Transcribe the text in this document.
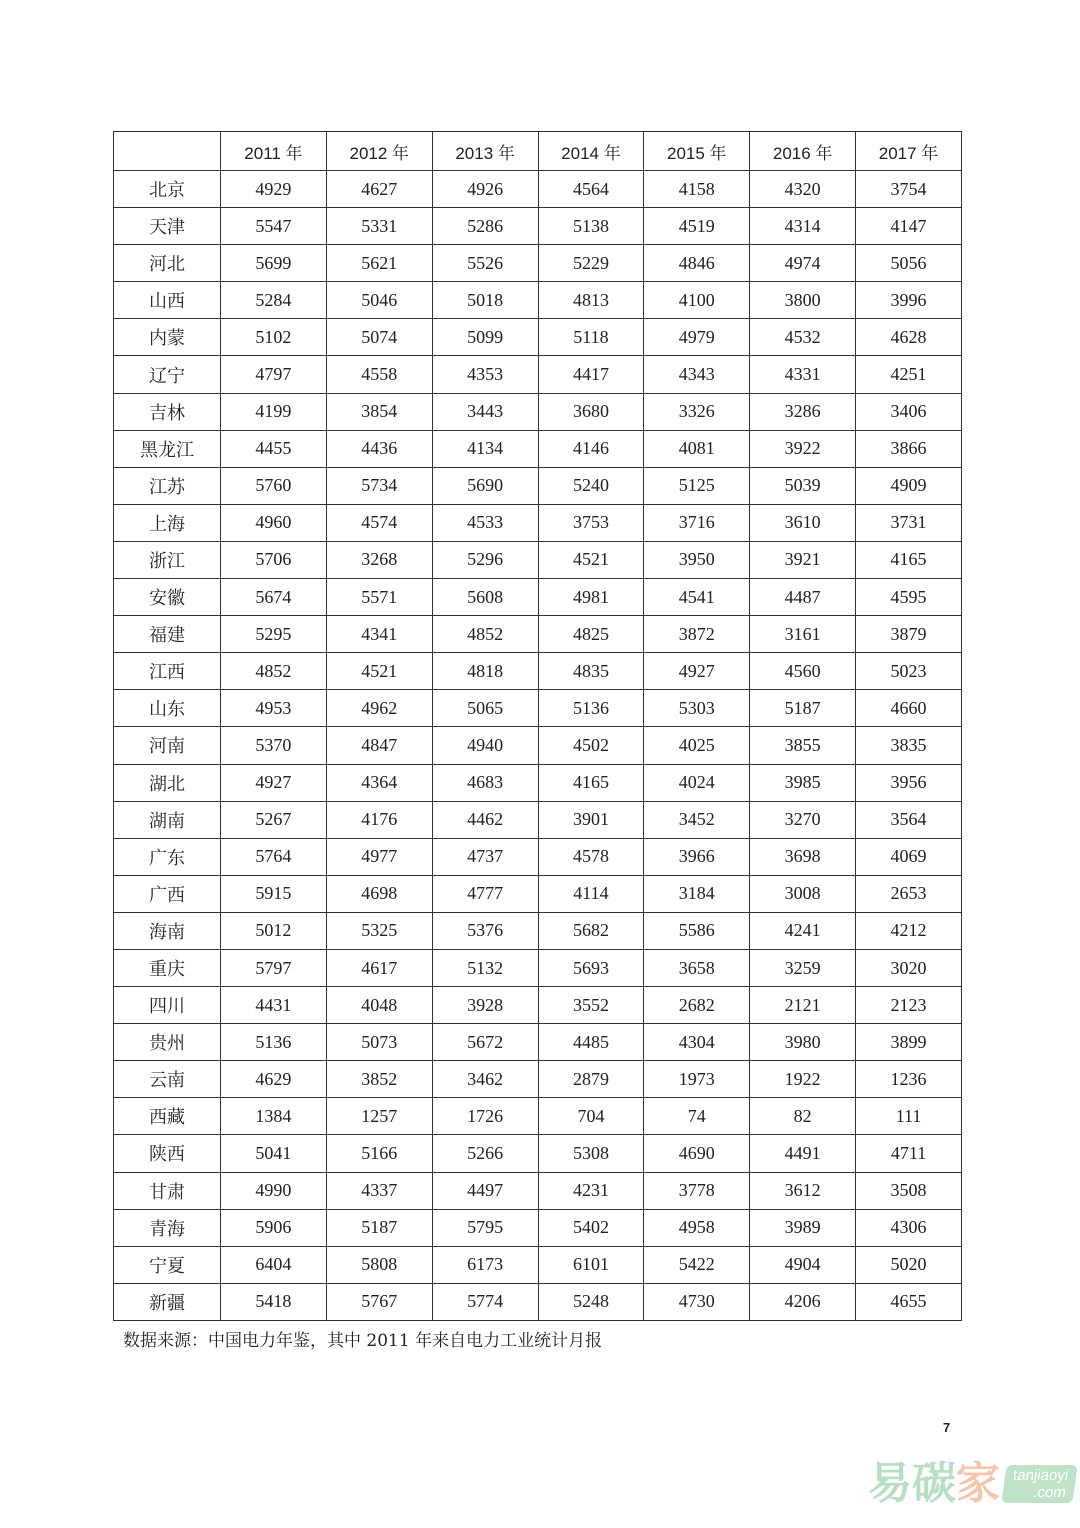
	2011 年	2012 年	2013 年	2014 年	2015 年	2016 年	2017 年
北京	4929	4627	4926	4564	4158	4320	3754
天津	5547	5331	5286	5138	4519	4314	4147
河北	5699	5621	5526	5229	4846	4974	5056
山西	5284	5046	5018	4813	4100	3800	3996
内蒙	5102	5074	5099	5118	4979	4532	4628
辽宁	4797	4558	4353	4417	4343	4331	4251
吉林	4199	3854	3443	3680	3326	3286	3406
黑龙江	4455	4436	4134	4146	4081	3922	3866
江苏	5760	5734	5690	5240	5125	5039	4909
上海	4960	4574	4533	3753	3716	3610	3731
浙江	5706	3268	5296	4521	3950	3921	4165
安徽	5674	5571	5608	4981	4541	4487	4595
福建	5295	4341	4852	4825	3872	3161	3879
江西	4852	4521	4818	4835	4927	4560	5023
山东	4953	4962	5065	5136	5303	5187	4660
河南	5370	4847	4940	4502	4025	3855	3835
湖北	4927	4364	4683	4165	4024	3985	3956
湖南	5267	4176	4462	3901	3452	3270	3564
广东	5764	4977	4737	4578	3966	3698	4069
广西	5915	4698	4777	4114	3184	3008	2653
海南	5012	5325	5376	5682	5586	4241	4212
重庆	5797	4617	5132	5693	3658	3259	3020
四川	4431	4048	3928	3552	2682	2121	2123
贵州	5136	5073	5672	4485	4304	3980	3899
云南	4629	3852	3462	2879	1973	1922	1236
西藏	1384	1257	1726	704	74	82	111
陕西	5041	5166	5266	5308	4690	4491	4711
甘肃	4990	4337	4497	4231	3778	3612	3508
青海	5906	5187	5795	5402	4958	3989	4306
宁夏	6404	5808	6173	6101	5422	4904	5020
新疆	5418	5767	5774	5248	4730	4206	4655
数据来源：中国电力年鉴，其中 2011 年来自电力工业统计月报
7
易碳 家 tanjiaoyi
.com
